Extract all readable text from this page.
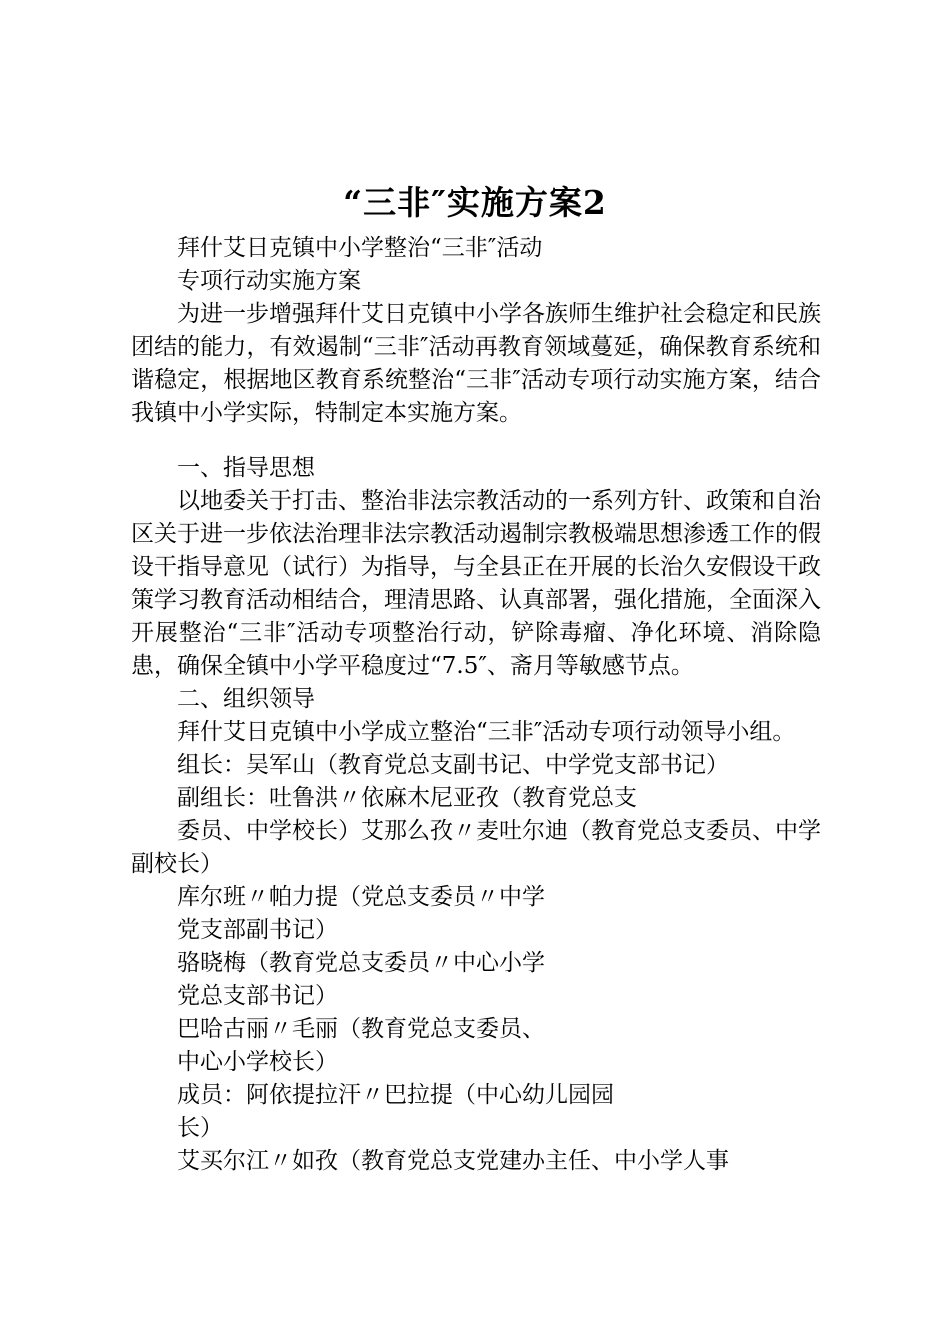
“三非″实施方案2

拜什艾日克镇中小学整治“三非″活动

专项行动实施方案

为进一步增强拜什艾日克镇中小学各族师生维护社会稳定和民族团结的能力，有效遏制“三非″活动再教育领域蔓延，确保教育系统和谐稳定，根据地区教育系统整治“三非″活动专项行动实施方案，结合我镇中小学实际，特制定本实施方案。

一、指导思想

以地委关于打击、整治非法宗教活动的一系列方针、政策和自治区关于进一步依法治理非法宗教活动遏制宗教极端思想渗透工作的假设干指导意见（试行）为指导，与全县正在开展的长治久安假设干政策学习教育活动相结合，理清思路、认真部署，强化措施，全面深入开展整治“三非″活动专项整治行动，铲除毒瘤、净化环境、消除隐患，确保全镇中小学平稳度过“7.5″、斋月等敏感节点。

二、组织领导

拜什艾日克镇中小学成立整治“三非″活动专项行动领导小组。

组长：吴军山（教育党总支副书记、中学党支部书记）

副组长：吐鲁洪〃依麻木尼亚孜（教育党总支

委员、中学校长）艾那么孜〃麦吐尔迪（教育党总支委员、中学副校长）

库尔班〃帕力提（党总支委员〃中学

党支部副书记）

骆晓梅（教育党总支委员〃中心小学

党总支部书记）

巴哈古丽〃毛丽（教育党总支委员、

中心小学校长）

成员：阿依提拉汗〃巴拉提（中心幼儿园园

长）

艾买尔江〃如孜（教育党总支党建办主任、中小学人事
